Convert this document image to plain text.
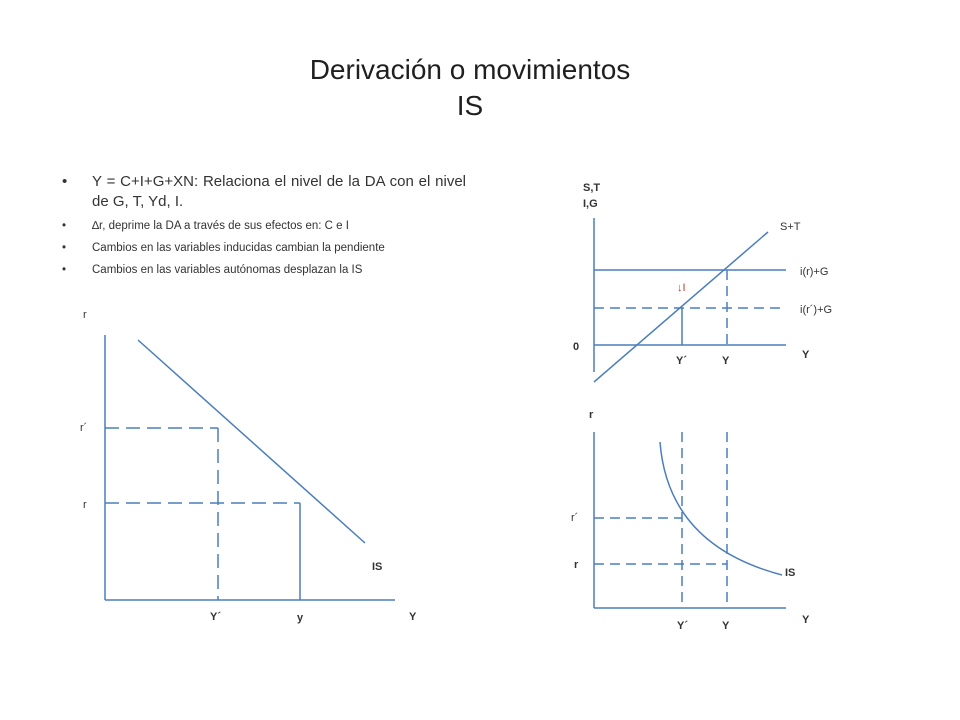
Derivación o movimientos
IS
• Y = C+I+G+XN: Relaciona el nivel de la DA con el nivel de G, T, Yd, I.
• ∆r, deprime la DA a través de sus efectos en: C e I
• Cambios en las variables inducidas cambian la pendiente
• Cambios en las variables autónomas desplazan la IS
r
r´
r
IS
Y´	y	Y
S,T
I,G
S+T
i(r)+G
i(r´)+G
↓I
0
Y´	Y	Y
r
r´
r
IS
Y´	Y	Y
